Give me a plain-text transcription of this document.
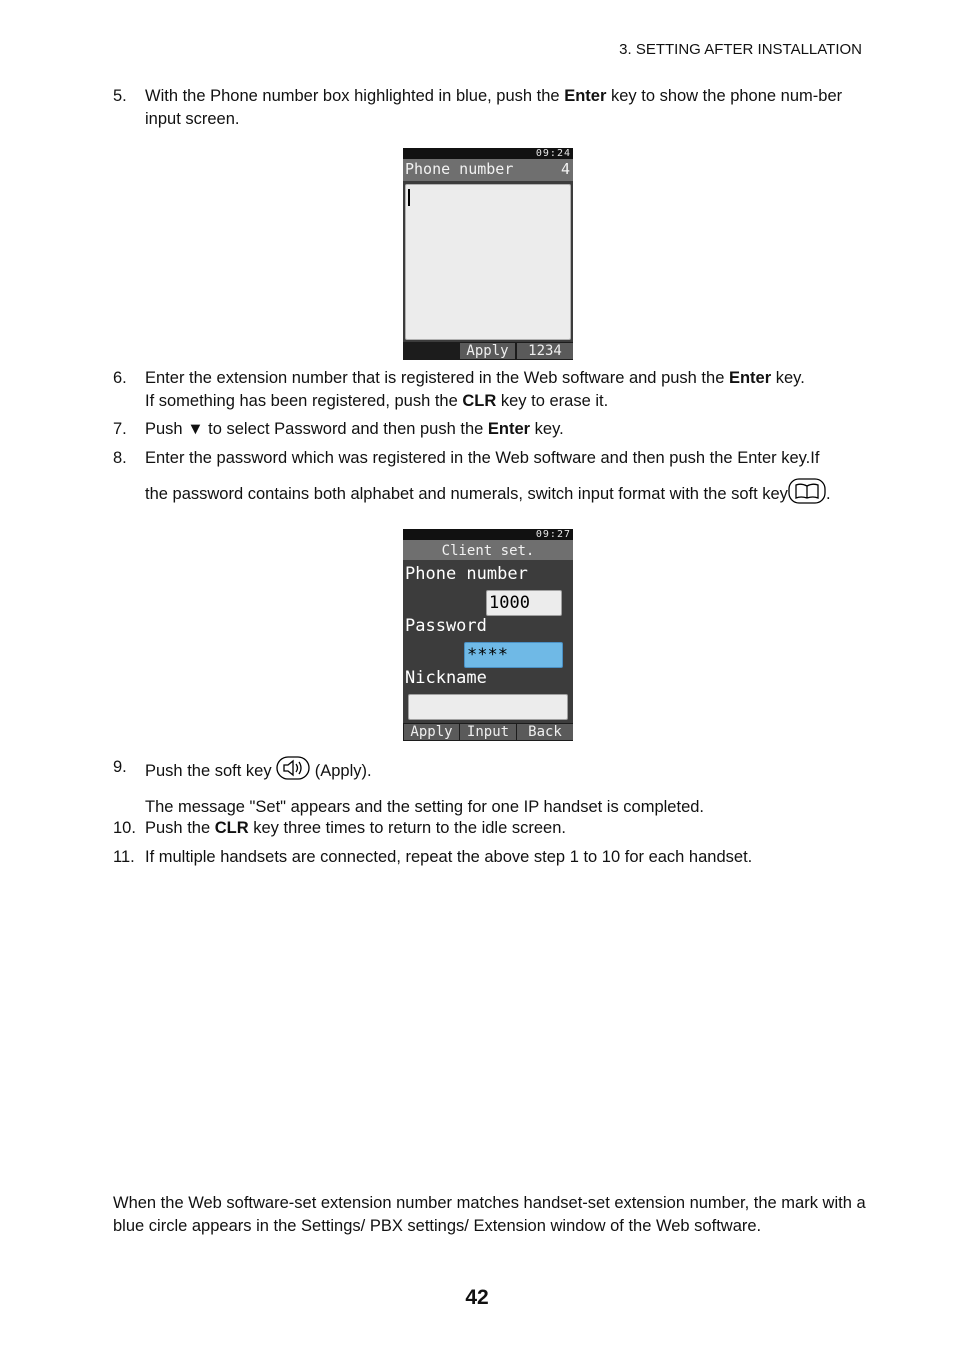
3. SETTING AFTER INSTALLATION
5. With the Phone number box highlighted in blue, push the Enter key to show the phone num-ber input screen.

09:24
Phone number	4
Apply	1234
6. Enter the extension number that is registered in the Web software and push the Enter key.

If something has been registered, push the CLR key to erase it.

7. Push ▼ to select Password and then push the Enter key.

8. Enter the password which was registered in the Web software and then push the Enter key.If

the password contains both alphabet and numerals, switch input format with the soft key .

09:27
Client set.
Phone number
1000
Password
****
Nickname
Apply	Input	Back
9. Push the soft key  (Apply).

The message "Set" appears and the setting for one IP handset is completed.

10. Push the CLR key three times to return to the idle screen.

11. If multiple handsets are connected, repeat the above step 1 to 10 for each handset.

When the Web software-set extension number matches handset-set extension number, the mark with a blue circle appears in the Settings/ PBX settings/ Extension window of the Web software.
42
